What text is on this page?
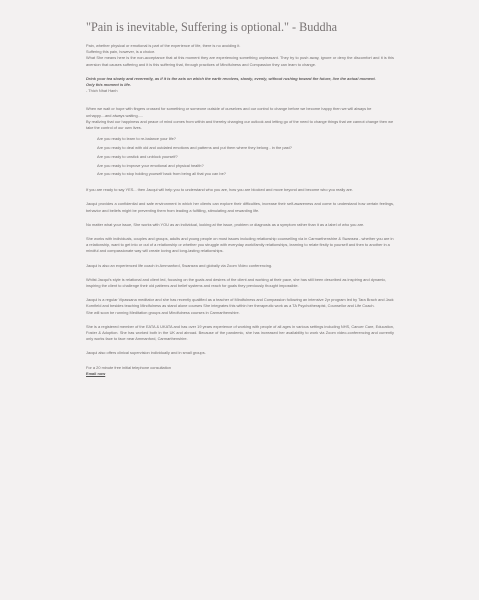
"Pain is inevitable, Suffering is optional." - Buddha

Pain, whether physical or emotional is part of the experience of life, there is no avoiding it.

Suffering this pain, however, is a choice.

What She means here is the non-acceptance that at this moment they are experiencing something unpleasant. They try to push away, ignore or deny the discomfort and it is this aversion that causes suffering and it is this suffering that, through practices of Mindfulness and Compassion they can learn to change.

Drink your tea slowly and reverently, as if it is the axis on which the earth revolves, slowly, evenly, without rushing toward the future, live the actual moment.

Only this moment is life.

- Thich Nhat Hanh

When we wait or hope with fingers crossed for something or someone outside of ourselves and our control to change before we become happy then we will always be unhappy....and always waiting.....

By realizing that our happiness and peace of mind comes from within and thereby changing our outlook and letting go of the need to change things that we cannot change then we take the control of our own lives.

Are you ready to learn to re-balance your life?

Are you ready to deal with old and outdated emotions and patterns and put them where they belong - in the past?

Are you ready to unstick and unblock yourself?

Are you ready to improve your emotional and physical health?

Are you ready to stop holding yourself back from being all that you can be?

If you are ready to say YES... then Jacqui will help you to understand who you are, how you are blocked and move beyond and become who you really are.

Jacqui provides a confidential and safe environment in which her clients can explore their difficulties, increase their self-awareness and come to understand how certain feelings, behavior and beliefs might be preventing them from leading a fulfilling, stimulating and rewarding life.

No matter what your issue, She works with YOU as an individual, looking at the issue, problem or diagnosis as a symptom rather than it as a label of who you are.

She works with individuals, couples and groups, adults and young people on most issues including relationship counselling via in Carmarthenshire & Swansea - whether you are in a relationship, want to get into or out of a relationship or whether you struggle with everyday work/family relationships, learning to relate firstly to yourself and then to another in a mindful and compassionate way will create loving and long-lasting relationships.

Jacqui is also an experienced life coach in Ammanford, Swansea and globally via Zoom Video conferencing.

Whilst Jacqui's style is relational and client led, focusing on the goals and desires of the client and working at their pace, she has still been described as inspiring and dynamic, inspiring the client to challenge their old patterns and belief systems and reach for goals they previously thought impossible.

Jacqui is a regular Vipassana meditator and she has recently qualified as a teacher of Mindfulness and Compassion following an intensive 2yr program led by Tara Brach and Jack Kornfield and besides teaching Mindfulness as stand alone courses She integrates this within her therapeutic work as a TA Psychotherapist, Counsellor and Life Coach.

She will soon be running Meditation groups and Mindfulness courses in Carmarthenshire.

She is a registered member of the EATA & UKATA and has over 19 years experience of working with people of all ages in various settings including NHS, Cancer Care, Education, Foster & Adoption. She has worked both in the UK and abroad. Because of the pandemic, she has increased her availability to work via Zoom video-conferencing and currently only works face to face near Ammanford, Carmarthenshire.

Jacqui also offers clinical supervision individually and in small groups.

For a 20 minute free initial telephone consultation

Email now
